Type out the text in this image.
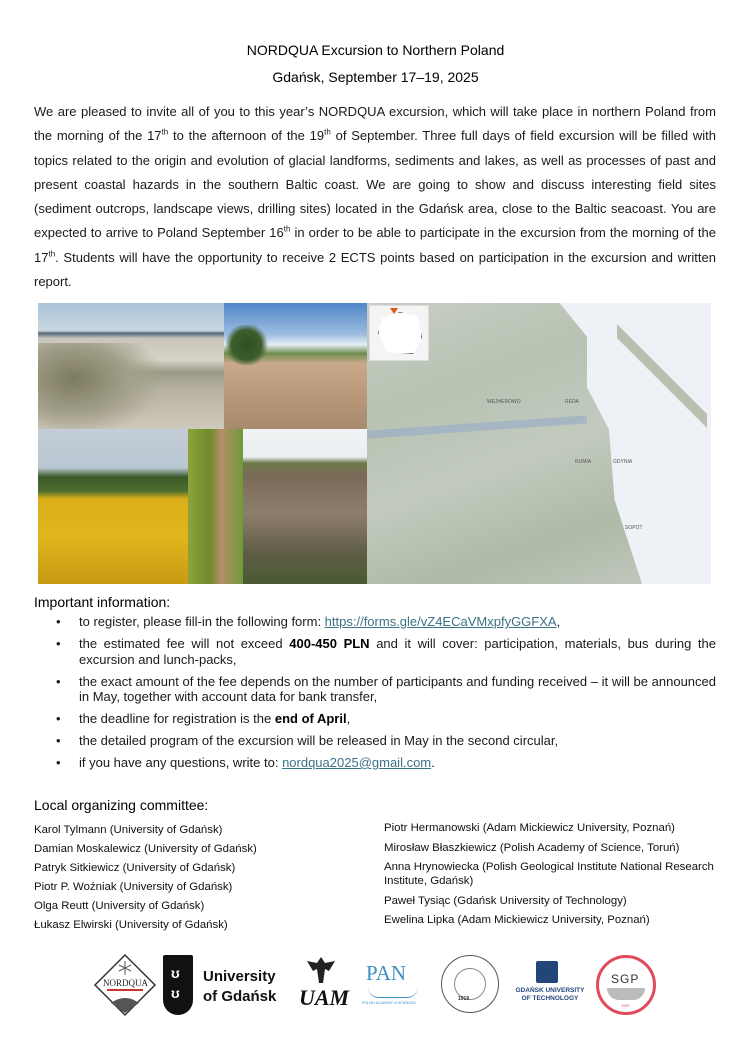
NORDQUA Excursion to Northern Poland
Gdańsk, September 17–19, 2025
We are pleased to invite all of you to this year’s NORDQUA excursion, which will take place in northern Poland from the morning of the 17th to the afternoon of the 19th of September. Three full days of field excursion will be filled with topics related to the origin and evolution of glacial landforms, sediments and lakes, as well as processes of past and present coastal hazards in the southern Baltic coast. We are going to show and discuss interesting field sites (sediment outcrops, landscape views, drilling sites) located in the Gdańsk area, close to the Baltic seacoast. You are expected to arrive to Poland September 16th in order to be able to participate in the excursion from the morning of the 17th. Students will have the opportunity to receive 2 ECTS points based on participation in the excursion and written report.
WEJHEROWO	REDA
RUMIA	GDYNIA
SOPOT
Important information:
• to register, please fill-in the following form: https://forms.gle/vZ4ECaVMxpfyGGFXA,
• the estimated fee will not exceed 400-450 PLN and it will cover: participation, materials, bus during the excursion and lunch-packs,
• the exact amount of the fee depends on the number of participants and funding received – it will be announced in May, together with account data for bank transfer,
• the deadline for registration is the end of April,
• the detailed program of the excursion will be released in May in the second circular,
• if you have any questions, write to: nordqua2025@gmail.com.
Local organizing committee:
Karol Tylmann (University of Gdańsk)
Damian Moskalewicz (University of Gdańsk)
Patryk Sitkiewicz (University of Gdańsk)
Piotr P. Woźniak (University of Gdańsk)
Olga Reutt (University of Gdańsk)
Łukasz Elwirski (University of Gdańsk)
Piotr Hermanowski (Adam Mickiewicz University, Poznań)
Mirosław Błaszkiewicz (Polish Academy of Science, Toruń)
Anna Hrynowiecka (Polish Geological Institute National Research Institute, Gdańsk)
Paweł Tysiąc (Gdańsk University of Technology)
Ewelina Lipka (Adam Mickiewicz University, Poznań)
NORDQUA
ʊ
ʊ
University
of Gdańsk UAM
PAN
POLISH ACADEMY of SCIENCES
1919
GDAŃSK UNIVERSITY
OF TECHNOLOGY
SGP
1997
